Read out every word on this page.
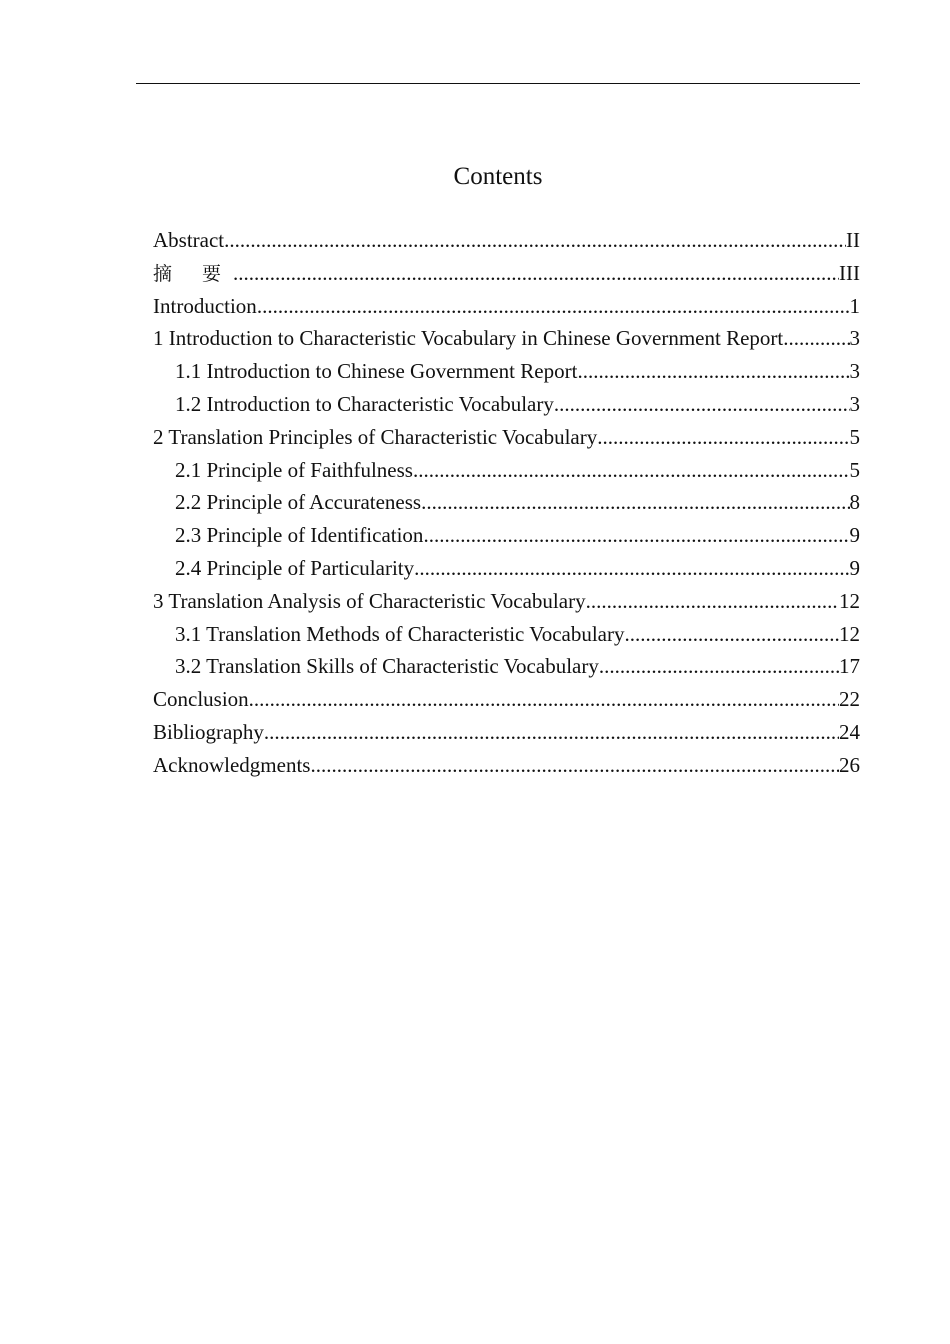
Contents
Abstract .....	II
摘 要 .....	III
Introduction .....	1
1 Introduction to Characteristic Vocabulary in Chinese Government Report .....	3
1.1 Introduction to Chinese Government Report .....	3
1.2 Introduction to Characteristic Vocabulary .....	3
2 Translation Principles of Characteristic Vocabulary .....	5
2.1 Principle of Faithfulness .....	5
2.2 Principle of Accurateness .....	8
2.3 Principle of Identification .....	9
2.4 Principle of Particularity .....	9
3 Translation Analysis of Characteristic Vocabulary .....	12
3.1 Translation Methods of Characteristic Vocabulary .....	12
3.2 Translation Skills of Characteristic Vocabulary .....	17
Conclusion .....	22
Bibliography .....	24
Acknowledgments .....	26
